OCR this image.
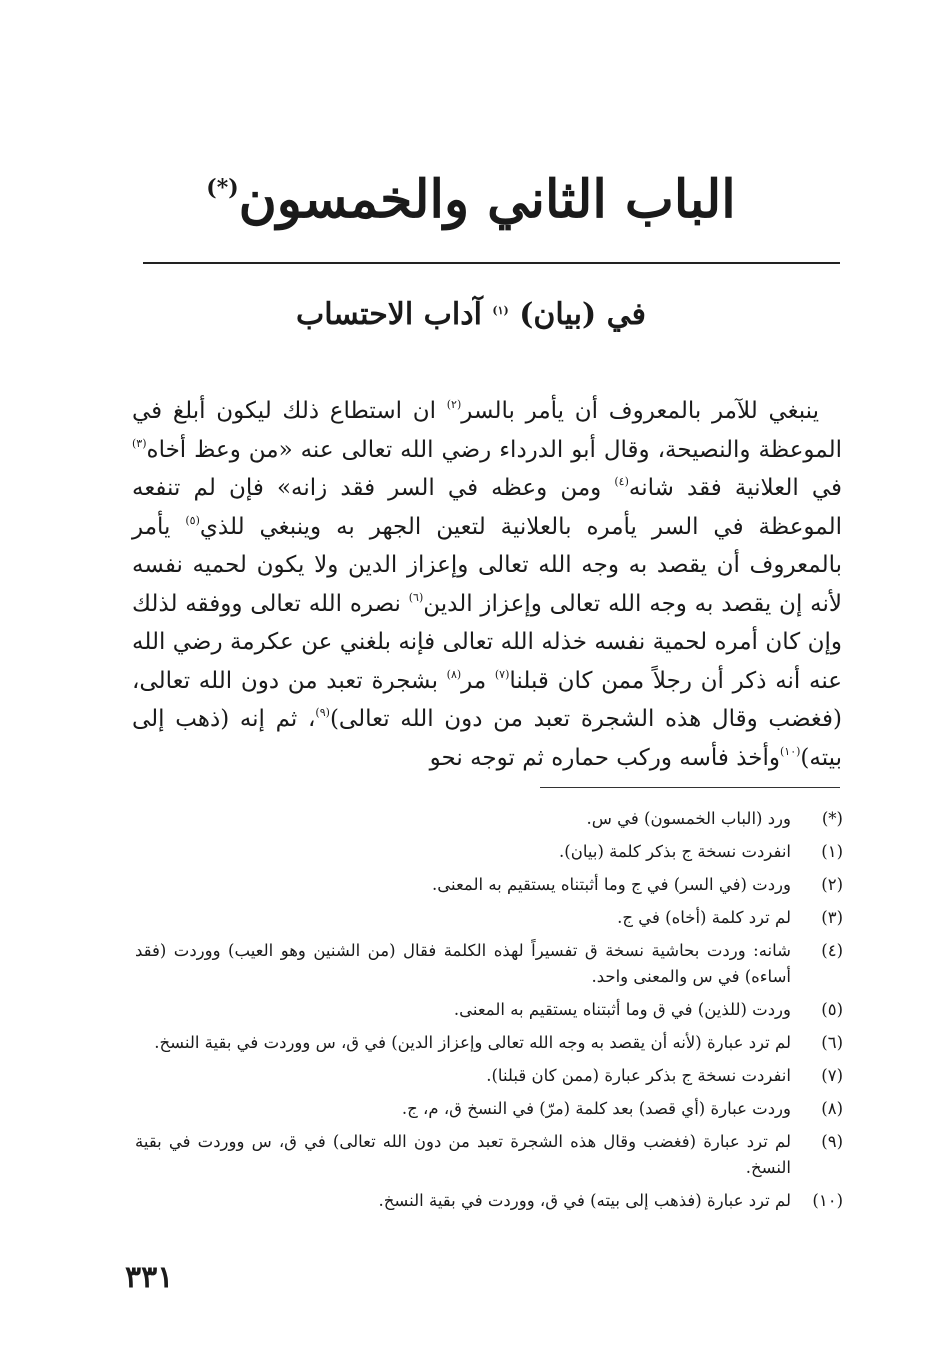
الباب الثاني والخمسون(*)
في (بيان) $^{(١)}$ آداب الاحتساب

 ينبغي للآمر بالمعروف أن يأمر بالسر$^{(٢)}$ ان استطاع ذلك ليكون أبلغ في الموعظة والنصيحة، وقال أبو الدرداء رضي الله تعالى عنه «من وعظ أخاه$^{(٣)}$ في العلانية فقد شانه$^{(٤)}$ ومن وعظه في السر فقد زانه» فإن لم تنفعه الموعظة في السر يأمره بالعلانية لتعين الجهر به وينبغي للذي$^{(٥)}$ يأمر بالمعروف أن يقصد به وجه الله تعالى وإعزاز الدين ولا يكون لحميه نفسه لأنه إن يقصد به وجه الله تعالى وإعزاز الدين$^{(٦)}$ نصره الله تعالى ووفقه لذلك وإن كان أمره لحمية نفسه خذله الله تعالى فإنه بلغني عن عكرمة رضي الله عنه أنه ذكر أن رجلاً ممن كان قبلنا$^{(٧)}$ مر$^{(٨)}$ بشجرة تعبد من دون الله تعالى، (فغضب وقال هذه الشجرة تعبد من دون الله تعالى)$^{(٩)}$، ثم إنه (ذهب إلى بيته)$^{(١٠)}$وأخذ فأسه وركب حماره ثم توجه نحو

(*)
ورد (الباب الخمسون) في س.
(١)
انفردت نسخة ج بذكر كلمة (بيان).
(٢)
وردت (في السر) في ج وما أثبتناه يستقيم به المعنى.
(٣)
لم ترد كلمة (أخاه) في ج.
(٤)
شانه: وردت بحاشية نسخة ق تفسيراً لهذه الكلمة فقال (من الشنين وهو العيب) ووردت (فقد أساءه) في س والمعنى واحد.
(٥)
وردت (للذين) في ق وما أثبتناه يستقيم به المعنى.
(٦)
لم ترد عبارة (لأنه أن يقصد به وجه الله تعالى وإعزاز الدين) في ق، س ووردت في بقية النسخ.
(٧)
انفردت نسخة ج بذكر عبارة (ممن كان قبلنا).
(٨)
وردت عبارة (أي قصد) بعد كلمة (مرّ) في النسخ ق، م، ج.
(٩)
لم ترد عبارة (فغضب وقال هذه الشجرة تعبد من دون الله تعالى) في ق، س ووردت في بقية النسخ.
(١٠)
لم ترد عبارة (فذهب إلى بيته) في ق، ووردت في بقية النسخ.
٣٣١
